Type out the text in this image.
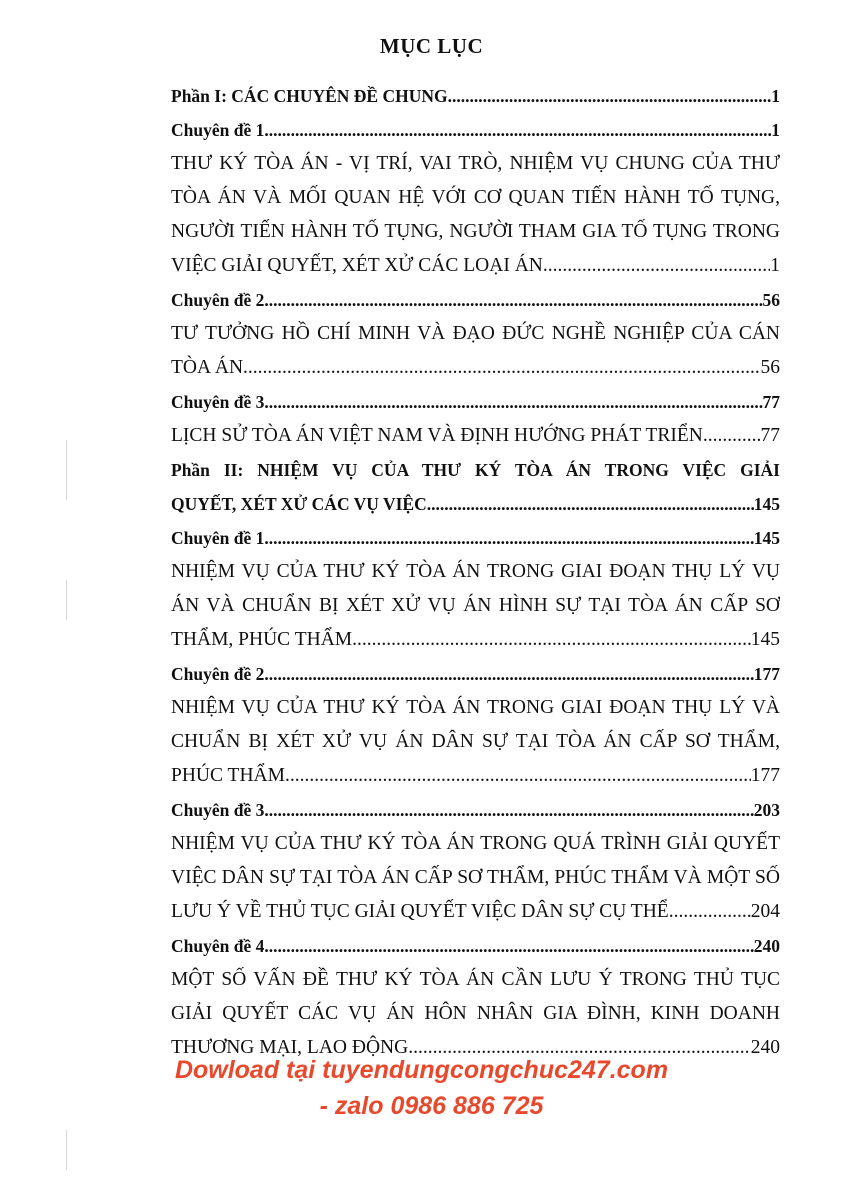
MỤC LỤC
Phần I: CÁC CHUYÊN ĐỀ CHUNG .....	1
Chuyên đề 1 .....	1
THƯ KÝ TÒA ÁN - VỊ TRÍ, VAI TRÒ, NHIỆM VỤ CHUNG CỦA THƯ
TÒA ÁN VÀ MỐI QUAN HỆ VỚI CƠ QUAN TIẾN HÀNH TỐ TỤNG,
NGƯỜI TIẾN HÀNH TỐ TỤNG, NGƯỜI THAM GIA TỐ TỤNG TRONG
VIỆC GIẢI QUYẾT, XÉT XỬ CÁC LOẠI ÁN .....	1
Chuyên đề 2 .....	56
TƯ TƯỞNG HỒ CHÍ MINH VÀ ĐẠO ĐỨC NGHỀ NGHIỆP CỦA CÁN
TÒA ÁN .....	56
Chuyên đề 3 .....	77
LỊCH SỬ TÒA ÁN VIỆT NAM VÀ ĐỊNH HƯỚNG PHÁT TRIỂN .....	77
Phần II: NHIỆM VỤ CỦA THƯ KÝ TÒA ÁN TRONG VIỆC GIẢI
QUYẾT, XÉT XỬ CÁC VỤ VIỆC .....	145
Chuyên đề 1 .....	145
NHIỆM VỤ CỦA THƯ KÝ TÒA ÁN TRONG GIAI ĐOẠN THỤ LÝ VỤ
ÁN VÀ CHUẨN BỊ XÉT XỬ VỤ ÁN HÌNH SỰ TẠI TÒA ÁN CẤP SƠ
THẨM, PHÚC THẨM .....	145
Chuyên đề 2 .....	177
NHIỆM VỤ CỦA THƯ KÝ TÒA ÁN TRONG GIAI ĐOẠN THỤ LÝ VÀ
CHUẨN BỊ XÉT XỬ VỤ ÁN DÂN SỰ TẠI TÒA ÁN CẤP SƠ THẨM,
PHÚC THẨM .....	177
Chuyên đề 3 .....	203
NHIỆM VỤ CỦA THƯ KÝ TÒA ÁN TRONG QUÁ TRÌNH GIẢI QUYẾT
VIỆC DÂN SỰ TẠI TÒA ÁN CẤP SƠ THẨM, PHÚC THẨM VÀ MỘT SỐ
LƯU Ý VỀ THỦ TỤC GIẢI QUYẾT VIỆC DÂN SỰ CỤ THỂ .....	204
Chuyên đề 4 .....	240
MỘT SỐ VẤN ĐỀ THƯ KÝ TÒA ÁN CẦN LƯU Ý TRONG THỦ TỤC
GIẢI QUYẾT CÁC VỤ ÁN HÔN NHÂN GIA ĐÌNH, KINH DOANH
THƯƠNG MẠI, LAO ĐỘNG .....	240
Dowload tại tuyendungcongchuc247.com
- zalo 0986 886 725
